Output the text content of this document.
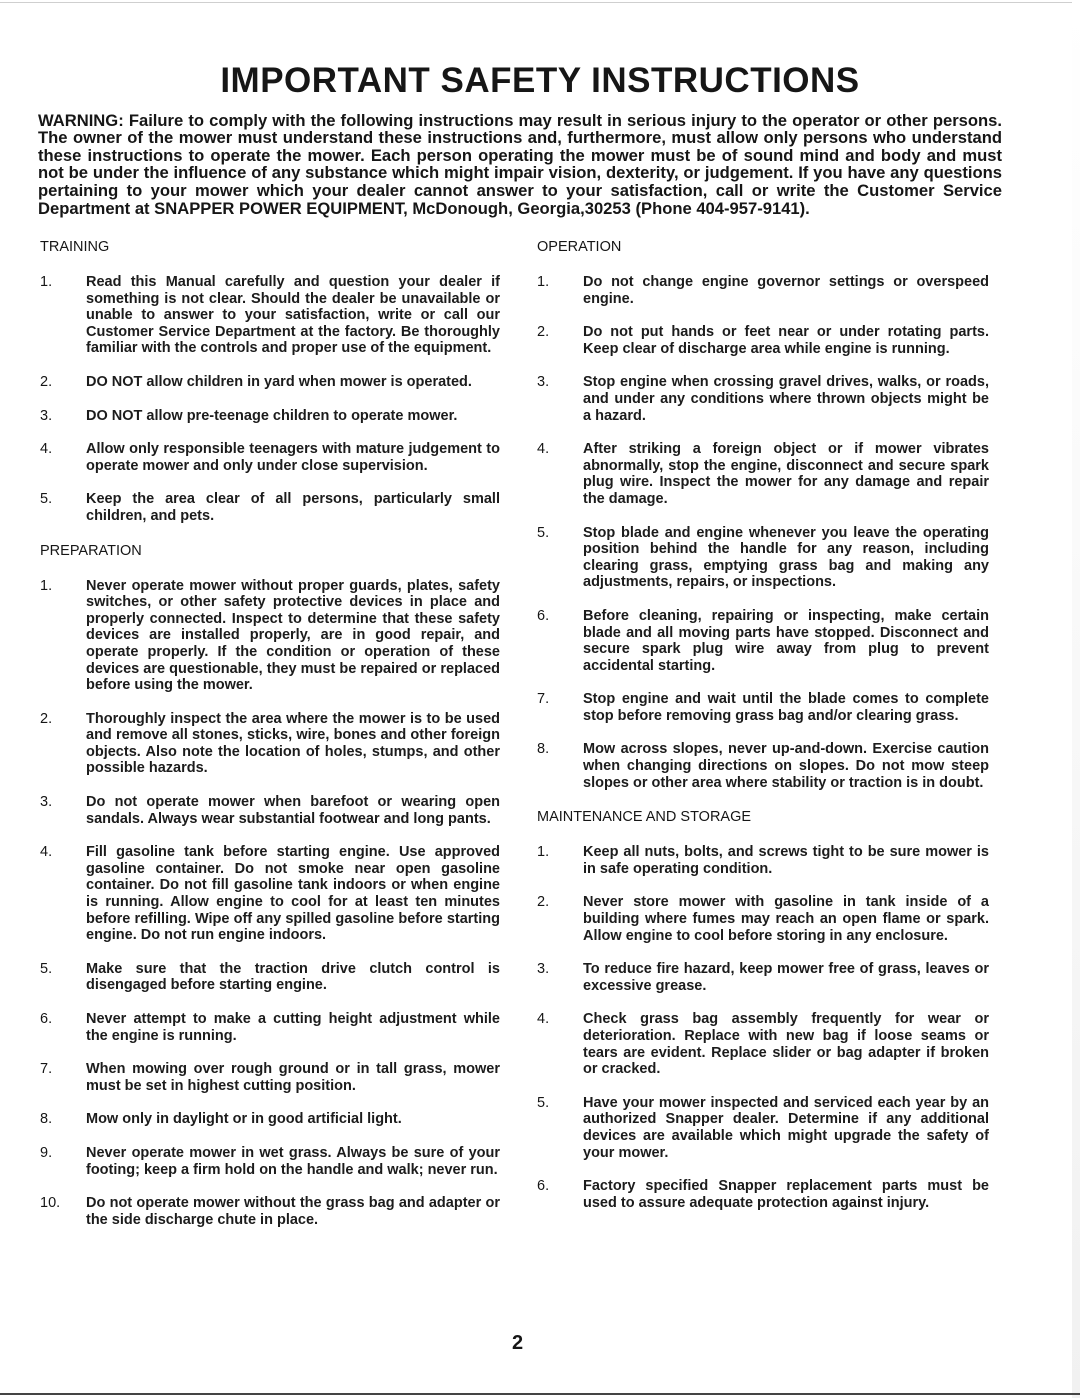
IMPORTANT SAFETY INSTRUCTIONS

WARNING: Failure to comply with the following instructions may result in serious injury to the operator or other persons. The owner of the mower must understand these instructions and, furthermore, must allow only persons who understand these instructions to operate the mower. Each person operating the mower must be of sound mind and body and must not be under the influence of any substance which might impair vision, dexterity, or judgement. If you have any questions pertaining to your mower which your dealer cannot answer to your satisfaction, call or write the Customer Service Department at SNAPPER POWER EQUIPMENT, McDonough, Georgia,30253 (Phone 404-957-9141).

TRAINING
1.	Read this Manual carefully and question your dealer if something is not clear. Should the dealer be unavailable or unable to answer to your satisfaction, write or call our Customer Service Department at the factory. Be thoroughly familiar with the controls and proper use of the equipment.
2.	DO NOT allow children in yard when mower is operated.
3.	DO NOT allow pre-teenage children to operate mower.
4.	Allow only responsible teenagers with mature judgement to operate mower and only under close supervision.
5.	Keep the area clear of all persons, particularly small children, and pets.
PREPARATION
1.	Never operate mower without proper guards, plates, safety switches, or other safety protective devices in place and properly connected. Inspect to determine that these safety devices are installed properly, are in good repair, and operate properly. If the condition or operation of these devices are questionable, they must be repaired or replaced before using the mower.
2.	Thoroughly inspect the area where the mower is to be used and remove all stones, sticks, wire, bones and other foreign objects. Also note the location of holes, stumps, and other possible hazards.
3.	Do not operate mower when barefoot or wearing open sandals. Always wear substantial footwear and long pants.
4.	Fill gasoline tank before starting engine. Use approved gasoline container. Do not smoke near open gasoline container. Do not fill gasoline tank indoors or when engine is running. Allow engine to cool for at least ten minutes before refilling. Wipe off any spilled gasoline before starting engine. Do not run engine indoors.
5.	Make sure that the traction drive clutch control is disengaged before starting engine.
6.	Never attempt to make a cutting height adjustment while the engine is running.
7.	When mowing over rough ground or in tall grass, mower must be set in highest cutting position.
8.	Mow only in daylight or in good artificial light.
9.	Never operate mower in wet grass. Always be sure of your footing; keep a firm hold on the handle and walk; never run.
10.	Do not operate mower without the grass bag and adapter or the side discharge chute in place.
OPERATION
1.	Do not change engine governor settings or overspeed engine.
2.	Do not put hands or feet near or under rotating parts. Keep clear of discharge area while engine is running.
3.	Stop engine when crossing gravel drives, walks, or roads, and under any conditions where thrown objects might be a hazard.
4.	After striking a foreign object or if mower vibrates abnormally, stop the engine, disconnect and secure spark plug wire. Inspect the mower for any damage and repair the damage.
5.	Stop blade and engine whenever you leave the operating position behind the handle for any reason, including clearing grass, emptying grass bag and making any adjustments, repairs, or inspections.
6.	Before cleaning, repairing or inspecting, make certain blade and all moving parts have stopped. Disconnect and secure spark plug wire away from plug to prevent accidental starting.
7.	Stop engine and wait until the blade comes to complete stop before removing grass bag and/or clearing grass.
8.	Mow across slopes, never up-and-down. Exercise caution when changing directions on slopes. Do not mow steep slopes or other area where stability or traction is in doubt.
MAINTENANCE AND STORAGE
1.	Keep all nuts, bolts, and screws tight to be sure mower is in safe operating condition.
2.	Never store mower with gasoline in tank inside of a building where fumes may reach an open flame or spark. Allow engine to cool before storing in any enclosure.
3.	To reduce fire hazard, keep mower free of grass, leaves or excessive grease.
4.	Check grass bag assembly frequently for wear or deterioration. Replace with new bag if loose seams or tears are evident. Replace slider or bag adapter if broken or cracked.
5.	Have your mower inspected and serviced each year by an authorized Snapper dealer. Determine if any additional devices are available which might upgrade the safety of your mower.
6.	Factory specified Snapper replacement parts must be used to assure adequate protection against injury.
2
